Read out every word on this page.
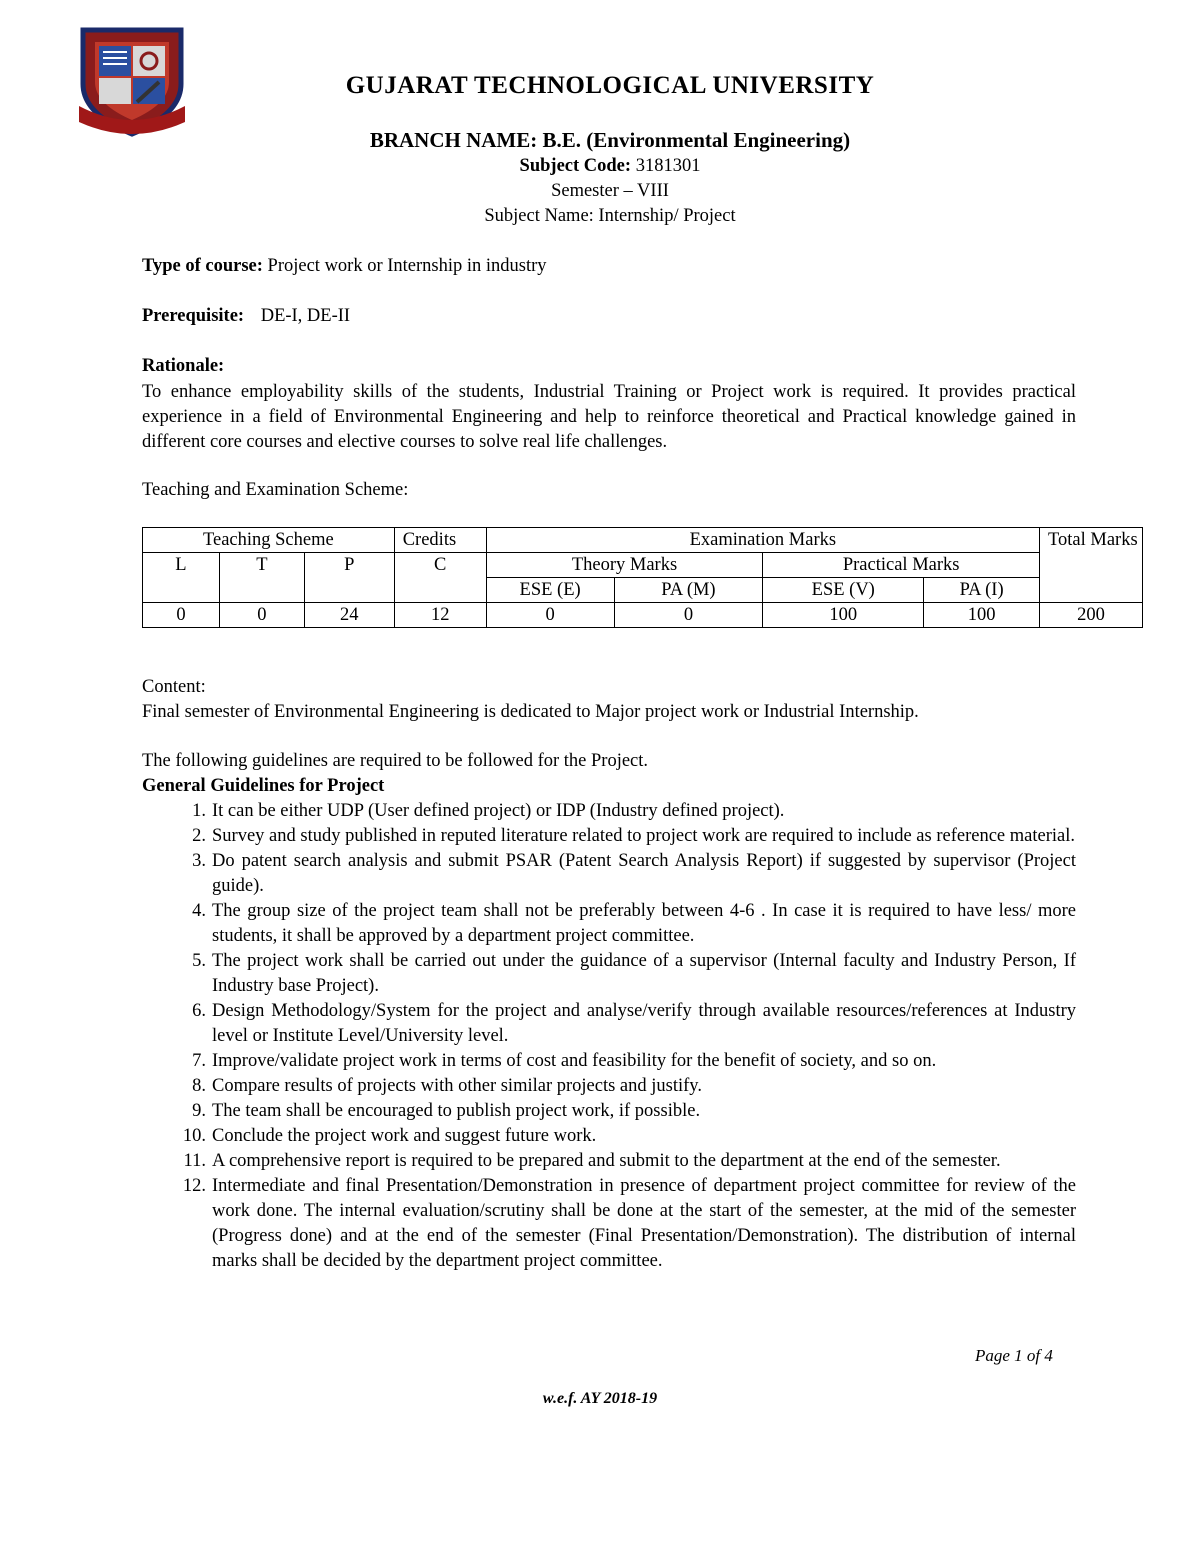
GUJARAT TECHNOLOGICAL UNIVERSITY
BRANCH NAME: B.E. (Environmental Engineering)
Subject Code: 3181301
Semester – VIII
Subject Name: Internship/ Project
Type of course: Project work or Internship in industry
Prerequisite: DE-I, DE-II
Rationale:
To enhance employability skills of the students, Industrial Training or Project work is required. It provides practical experience in a field of Environmental Engineering and help to reinforce theoretical and Practical knowledge gained in different core courses and elective courses to solve real life challenges.
Teaching and Examination Scheme:
Teaching Scheme			Credits	Examination Marks				Total Marks
L	T	P	C	Theory Marks		Practical Marks		
				ESE (E)	PA (M)	ESE (V)	PA (I)	
0	0	24	12	0	0	100	100	200
Content:
Final semester of Environmental Engineering is dedicated to Major project work or Industrial Internship.
The following guidelines are required to be followed for the Project.
General Guidelines for Project
1. It can be either UDP (User defined project) or IDP (Industry defined project).
2. Survey and study published in reputed literature related to project work are required to include as reference material.
3. Do patent search analysis and submit PSAR (Patent Search Analysis Report) if suggested by supervisor (Project guide).
4. The group size of the project team shall not be preferably between 4-6 . In case it is required to have less/ more students, it shall be approved by a department project committee.
5. The project work shall be carried out under the guidance of a supervisor (Internal faculty and Industry Person, If Industry base Project).
6. Design Methodology/System for the project and analyse/verify through available resources/references at Industry level or Institute Level/University level.
7. Improve/validate project work in terms of cost and feasibility for the benefit of society, and so on.
8. Compare results of projects with other similar projects and justify.
9. The team shall be encouraged to publish project work, if possible.
10. Conclude the project work and suggest future work.
11. A comprehensive report is required to be prepared and submit to the department at the end of the semester.
12. Intermediate and final Presentation/Demonstration in presence of department project committee for review of the work done. The internal evaluation/scrutiny shall be done at the start of the semester, at the mid of the semester (Progress done) and at the end of the semester (Final Presentation/Demonstration). The distribution of internal marks shall be decided by the department project committee.
Page 1 of 4
w.e.f. AY 2018-19
